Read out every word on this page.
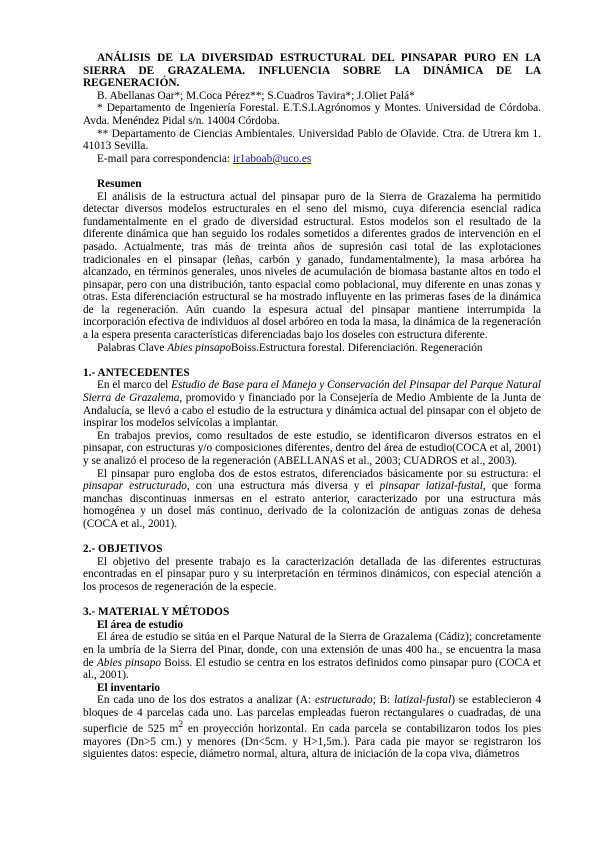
ANÁLISIS DE LA DIVERSIDAD ESTRUCTURAL DEL PINSAPAR PURO EN LA SIERRA DE GRAZALEMA. INFLUENCIA SOBRE LA DINÁMICA DE LA REGENERACIÓN.

B. Abellanas Oar*; M.Coca Pérez**; S.Cuadros Tavira*; J.Oliet Palá*

* Departamento de Ingeniería Forestal. E.T.S.I.Agrónomos y Montes. Universidad de Córdoba. Avda. Menéndez Pidal s/n. 14004 Córdoba.

** Departamento de Ciencias Ambientales. Universidad Pablo de Olavide. Ctra. de Utrera km 1. 41013 Sevilla.

E-mail para correspondencia: ir1aboab@uco.es

Resumen

El análisis de la estructura actual del pinsapar puro de la Sierra de Grazalema ha permitido detectar diversos modelos estructurales en el seno del mismo, cuya diferencia esencial radica fundamentalmente en el grado de diversidad estructural. Estos modelos son el resultado de la diferente dinámica que han seguido los rodales sometidos a diferentes grados de intervención en el pasado. Actualmente, tras más de treinta años de supresión casi total de las explotaciones tradicionales en el pinsapar (leñas, carbón y ganado, fundamentalmente), la masa arbórea ha alcanzado, en términos generales, unos niveles de acumulación de biomasa bastante altos en todo el pinsapar, pero con una distribución, tanto espacial como poblacional, muy diferente en unas zonas y otras. Esta diferenciación estructural se ha mostrado influyente en las primeras fases de la dinámica de la regeneración. Aún cuando la espesura actual del pinsapar mantiene interrumpida la incorporación efectiva de individuos al dosel arbóreo en toda la masa, la dinámica de la regeneración a la espera presenta características diferenciadas bajo los doseles con estructura diferente.

Palabras Clave Abies pinsapoBoiss.Estructura forestal. Diferenciación. Regeneración

1.- ANTECEDENTES

En el marco del Estudio de Base para el Manejo y Conservación del Pinsapar del Parque Natural Sierra de Grazalema, promovido y financiado por la Consejería de Medio Ambiente de la Junta de Andalucía, se llevó a cabo el estudio de la estructura y dinámica actual del pinsapar con el objeto de inspirar los modelos selvícolas a implantar.

En trabajos previos, como resultados de este estudio, se identificaron diversos estratos en el pinsapar, con estructuras y/o composiciones diferentes, dentro del área de estudio(COCA et al, 2001) y se analizó el proceso de la regeneración (ABELLANAS et al., 2003; CUADROS et al., 2003).

El pinsapar puro engloba dos de estos estratos, diferenciados básicamente por su estructura: el pinsapar estructurado, con una estructura más diversa y el pinsapar latizal-fustal, que forma manchas discontinuas inmersas en el estrato anterior, caracterizado por una estructura más homogénea y un dosel más continuo, derivado de la colonización de antiguas zonas de dehesa (COCA et al., 2001).

2.- OBJETIVOS

El objetivo del presente trabajo es la caracterización detallada de las diferentes estructuras encontradas en el pinsapar puro y su interpretación en términos dinámicos, con especial atención a los procesos de regeneración de la especie.

3.- MATERIAL Y MÉTODOS
El área de estudio

El área de estudio se sitúa en el Parque Natural de la Sierra de Grazalema (Cádiz); concretamente en la umbría de la Sierra del Pinar, donde, con una extensión de unas 400 ha., se encuentra la masa de Abies pinsapo Boiss. El estudio se centra en los estratos definidos como pinsapar puro (COCA et al., 2001).

El inventario

En cada uno de los dos estratos a analizar (A: estructurado; B: latizal-fustal) se establecieron 4 bloques de 4 parcelas cada uno. Las parcelas empleadas fueron rectangulares o cuadradas, de una superficie de 525 $m^2$ en proyección horizontal. En cada parcela se contabilizaron todos los pies mayores (Dn>5 cm.) y menores (Dn<5cm. y H>1,5m.). Para cada pie mayor se registraron los siguientes datos: especie, diámetro normal, altura, altura de iniciación de la copa viva, diámetros
